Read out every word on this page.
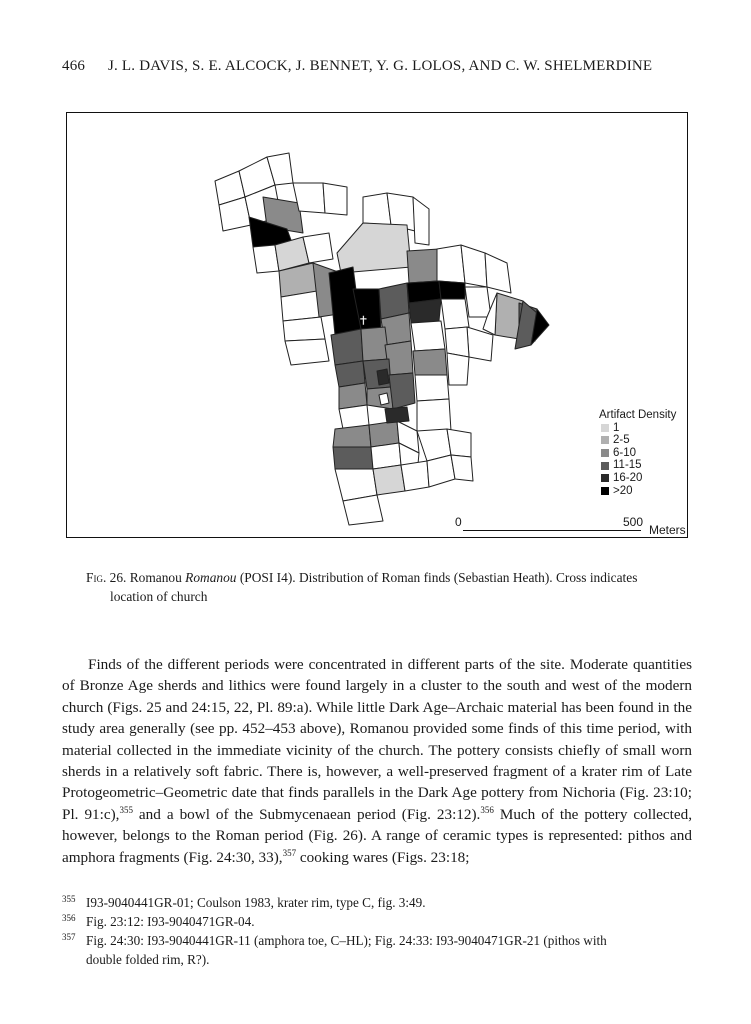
466 J. L. DAVIS, S. E. ALCOCK, J. BENNET, Y. G. LOLOS, AND C. W. SHELMERDINE
✝
Artifact Density
1
2-5
6-10
11-15
16-20
>20
0	500
Meters
Fig. 26. Romanou Romanou (POSI I4). Distribution of Roman finds (Sebastian Heath). Cross indicates
location of church

Finds of the different periods were concentrated in different parts of the site. Moderate quantities of Bronze Age sherds and lithics were found largely in a cluster to the south and west of the modern church (Figs. 25 and 24:15, 22, Pl. 89:a). While little Dark Age–Archaic material has been found in the study area generally (see pp. 452–453 above), Romanou provided some finds of this time period, with material collected in the immediate vicinity of the church. The pottery consists chiefly of small worn sherds in a relatively soft fabric. There is, however, a well-preserved fragment of a krater rim of Late Protogeometric–Geometric date that finds parallels in the Dark Age pottery from Nichoria (Fig. 23:10; Pl. 91:c),$^{355}$ and a bowl of the Submycenaean period (Fig. 23:12).$^{356}$ Much of the pottery collected, however, belongs to the Roman period (Fig. 26). A range of ceramic types is represented: pithos and amphora fragments (Fig. 24:30, 33),$^{357}$ cooking wares (Figs. 23:18;

355 I93-9040441GR-01; Coulson 1983, krater rim, type C, fig. 3:49.

356 Fig. 23:12: I93-9040471GR-04.

357 Fig. 24:30: I93-9040441GR-11 (amphora toe, C–HL); Fig. 24:33: I93-9040471GR-21 (pithos with
double folded rim, R?).
